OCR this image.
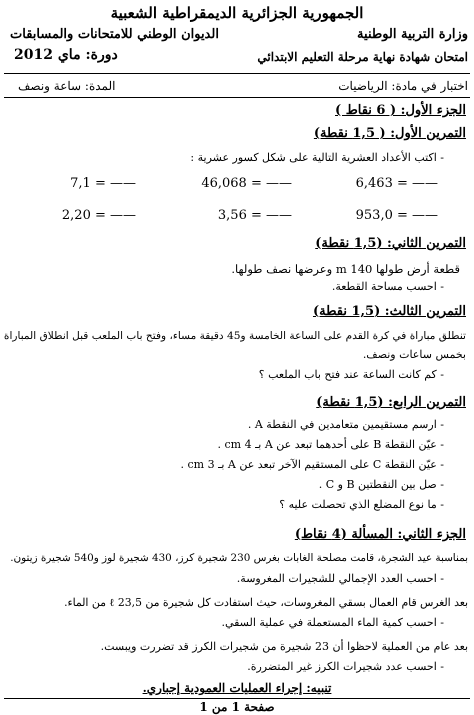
الجمهورية الجزائرية الديمقراطية الشعبية
وزارة التربية الوطنية
الديوان الوطني للامتحانات والمسابقات
امتحان شهادة نهاية مرحلة التعليم الابتدائي
دورة: ماي 2012
اختبار في مادة: الرياضيات
المدة: ساعة ونصف
الجزء الأول: ( 6 نقاط )
التمرين الأول: ( 1,5 نقطة)
- اكتب الأعداد العشرية التالية على شكل كسور عشرية :
6,463 = ——
46,068 = ——
7,1 = ——
953,0 = ——
3,56 = ——
2,20 = ——
التمرين الثاني: (1,5 نقطة)
قطعة أرض طولها 140 m وعرضها نصف طولها.
- احسب مساحة القطعة.
التمرين الثالث: (1,5 نقطة)
تنطلق مباراة في كرة القدم على الساعة الخامسة و45 دقيقة مساء، وفتح باب الملعب قبل انطلاق المباراة
بخمس ساعات ونصف.
- كم كانت الساعة عند فتح باب الملعب ؟
التمرين الرابع: (1,5 نقطة)
- ارسم مستقيمين متعامدين في النقطة A .
- عيّن النقطة B على أحدهما تبعد عن A بـ 4 cm .
- عيّن النقطة C على المستقيم الآخر تبعد عن A بـ 3 cm .
- صل بين النقطتين B و C .
- ما نوع المضلع الذي تحصلت عليه ؟
الجزء الثاني: المسألة (4 نقاط)
بمناسبة عيد الشجرة، قامت مصلحة الغابات بغرس 230 شجيرة كرز، 430 شجيرة لوز و540 شجيرة زيتون.
- احسب العدد الإجمالي للشجيرات المغروسة.
بعد الغرس قام العمال بسقي المغروسات، حيث استفادت كل شجيرة من 23,5 ℓ من الماء.
- احسب كمية الماء المستعملة في عملية السقي.
بعد عام من العملية لاحظوا أن 23 شجيرة من شجيرات الكرز قد تضررت ويبست.
- احسب عدد شجيرات الكرز غير المتضررة.
تنبيه: إجراء العمليات العمودية إجباري.
صفحة 1 من 1
